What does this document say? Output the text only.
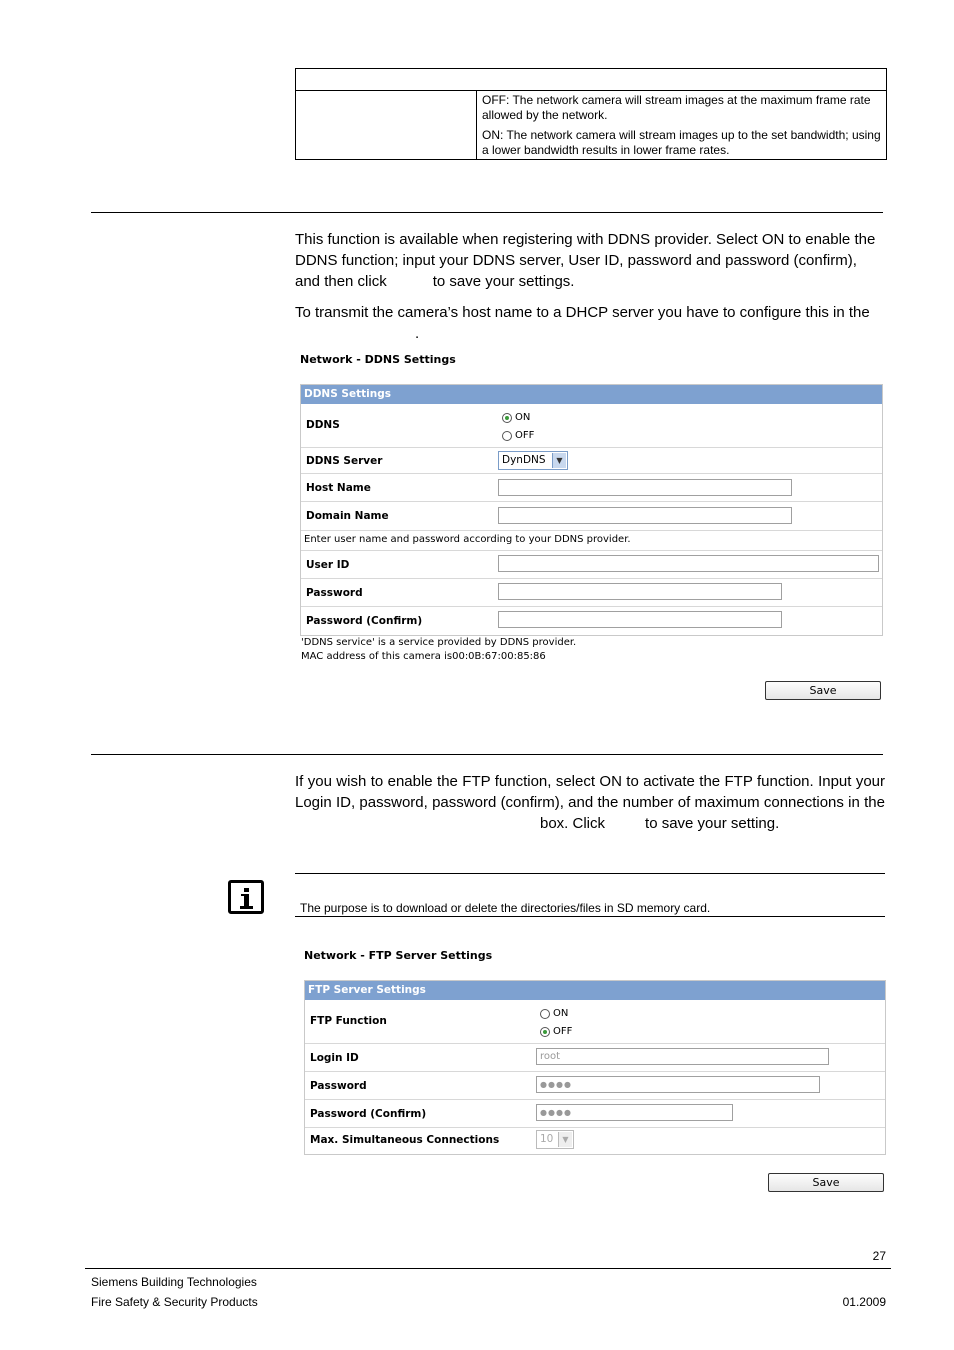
OFF: The network camera will stream images at the maximum frame rate allowed by the network.

ON: The network camera will stream images up to the set bandwidth; using a lower bandwidth results in lower frame rates.

This function is available when registering with DDNS provider. Select ON to enable the DDNS function; input your DDNS server, User ID, password and password (confirm), and then click	to save your settings.

To transmit the camera’s host name to a DHCP server you have to configure this in the.

Network - DDNS Settings
DDNS Settings
DDNS
ON
OFF
DDNS Server	DynDNS	▼
Host Name
Domain Name
Enter user name and password according to your DDNS provider.
User ID
Password
Password (Confirm)
'DDNS service' is a service provided by DDNS provider.
MAC address of this camera is00:0B:67:00:85:86
Save

If you wish to enable the FTP function, select ON to activate the FTP function. Input your Login ID, password, password (confirm), and the number of maximum connections in thebox. Click	to save your setting.

The purpose is to download or delete the directories/files in SD memory card.
Network - FTP Server Settings
FTP Server Settings
FTP Function
ON
OFF
Login ID	root
Password	●●●●
Password (Confirm)	●●●●
Max. Simultaneous Connections	10	▼
Save
27
Siemens Building Technologies
Fire Safety & Security Products	01.2009
